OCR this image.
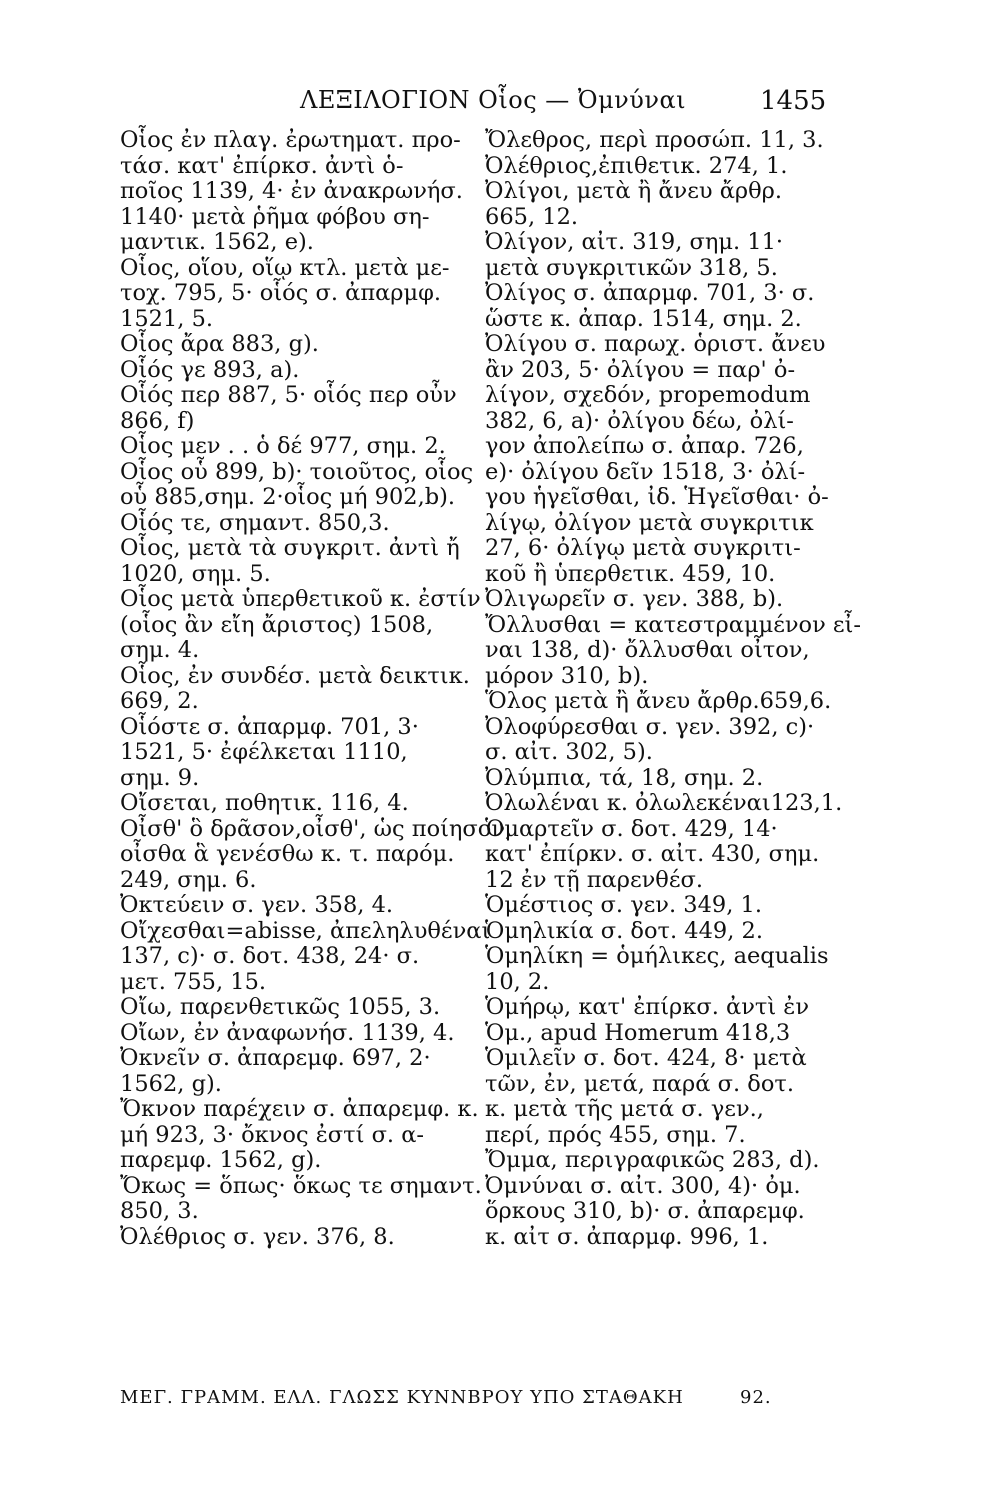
ΛΕΞΙΛΟΓΙΟΝ Οἷος — Ὀμνύναι	1455
Οἷος ἐν πλαγ. ἐρωτηματ. προ-
τάσ. κατ' ἐπίρκσ. ἀντὶ ὁ-
ποῖος 1139, 4· ἐν ἀνακρωνήσ.
1140· μετὰ ῥῆμα φόβου ση-
μαντικ. 1562, e).
Οἷος, οἵου, οἵῳ κτλ. μετὰ με-
τοχ. 795, 5· οἷός σ. ἀπαρμφ.
1521, 5.
Οἷος ἄρα 883, g).
Οἷός γε 893, a).
Οἷός περ 887, 5· οἷός περ οὖν
866, f)
Οἷος μεν . . ὁ δέ 977, σημ. 2.
Οἷος οὗ 899, b)· τοιοῦτος, οἷος
οὗ 885,σημ. 2·οἷος μή 902,b).
Οἷός τε, σημαντ. 850,3.
Οἷος, μετὰ τὰ συγκριτ. ἀντὶ ἤ
1020, σημ. 5.
Οἷος μετὰ ὑπερθετικοῦ κ. ἐστίν
(οἷος ἂν εἴη ἄριστος) 1508,
σημ. 4.
Οἷος, ἐν συνδέσ. μετὰ δεικτικ.
669, 2.
Οἷόστε σ. ἀπαρμφ. 701, 3·
1521, 5· ἐφέλκεται 1110,
σημ. 9.
Οἴσεται, ποθητικ. 116, 4.
Οἶσθ' ὃ δρᾶσον,οἶσθ', ὡς ποίησον,
οἶσθα ἃ γενέσθω κ. τ. παρόμ.
249, σημ. 6.
Ὀκτεύειν σ. γεν. 358, 4.
Οἴχεσθαι=abisse, ἀπεληλυθέναι
137, c)· σ. δοτ. 438, 24· σ.
μετ. 755, 15.
Οἴω, παρενθετικῶς 1055, 3.
Οἴων, ἐν ἀναφωνήσ. 1139, 4.
Ὀκνεῖν σ. ἀπαρεμφ. 697, 2·
1562, g).
Ὄκνον παρέχειν σ. ἀπαρεμφ. κ.
μή 923, 3· ὄκνος ἐστί σ. α-
παρεμφ. 1562, g).
Ὄκως = ὅπως· ὅκως τε σημαντ.
850, 3.
Ὀλέθριος σ. γεν. 376, 8.
Ὄλεθρος, περὶ προσώπ. 11, 3.
Ὀλέθριος,ἐπιθετικ. 274, 1.
Ὀλίγοι, μετὰ ἢ ἄνευ ἄρθρ.
665, 12.
Ὀλίγον, αἰτ. 319, σημ. 11·
μετὰ συγκριτικῶν 318, 5.
Ὀλίγος σ. ἀπαρμφ. 701, 3· σ.
ὥστε κ. ἀπαρ. 1514, σημ. 2.
Ὀλίγου σ. παρωχ. ὁριστ. ἄνευ
ἂν 203, 5· ὀλίγου = παρ' ὀ-
λίγον, σχεδόν, propemodum
382, 6, a)· ὀλίγου δέω, ὀλί-
γον ἀπολείπω σ. ἀπαρ. 726,
e)· ὀλίγου δεῖν 1518, 3· ὀλί-
γου ἡγεῖσθαι, ἰδ. Ἡγεῖσθαι· ὀ-
λίγῳ, ὀλίγον μετὰ συγκριτικ
27, 6· ὀλίγῳ μετὰ συγκριτι-
κοῦ ἢ ὑπερθετικ. 459, 10.
Ὀλιγωρεῖν σ. γεν. 388, b).
Ὄλλυσθαι = κατεστραμμένον εἶ-
ναι 138, d)· ὄλλυσθαι οἶτον,
μόρον 310, b).
Ὅλος μετὰ ἢ ἄνευ ἄρθρ.659,6.
Ὀλοφύρεσθαι σ. γεν. 392, c)·
σ. αἰτ. 302, 5).
Ὀλύμπια, τά, 18, σημ. 2.
Ὀλωλέναι κ. ὀλωλεκέναι123,1.
Ὁμαρτεῖν σ. δοτ. 429, 14·
κατ' ἐπίρκν. σ. αἰτ. 430, σημ.
12 ἐν τῇ παρενθέσ.
Ὁμέστιος σ. γεν. 349, 1.
Ὁμηλικία σ. δοτ. 449, 2.
Ὁμηλίκη = ὁμήλικες, aequalis
10, 2.
Ὁμήρῳ, κατ' ἐπίρκσ. ἀντὶ ἐν
Ὁμ., apud Homerum 418,3
Ὁμιλεῖν σ. δοτ. 424, 8· μετὰ
τῶν, ἐν, μετά, παρά σ. δοτ.
κ. μετὰ τῆς μετά σ. γεν.,
περί, πρός 455, σημ. 7.
Ὄμμα, περιγραφικῶς 283, d).
Ὀμνύναι σ. αἰτ. 300, 4)· ὀμ.
ὅρκους 310, b)· σ. ἀπαρεμφ.
κ. αἰτ σ. ἀπαρμφ. 996, 1.
ΜΕΓ. ΓΡΑΜΜ. ΕΛΛ. ΓΛΩΣΣ ΚΥΝΝΒΡΟΥ ΥΠΟ ΣΤΑΘΑΚΗ	92.
